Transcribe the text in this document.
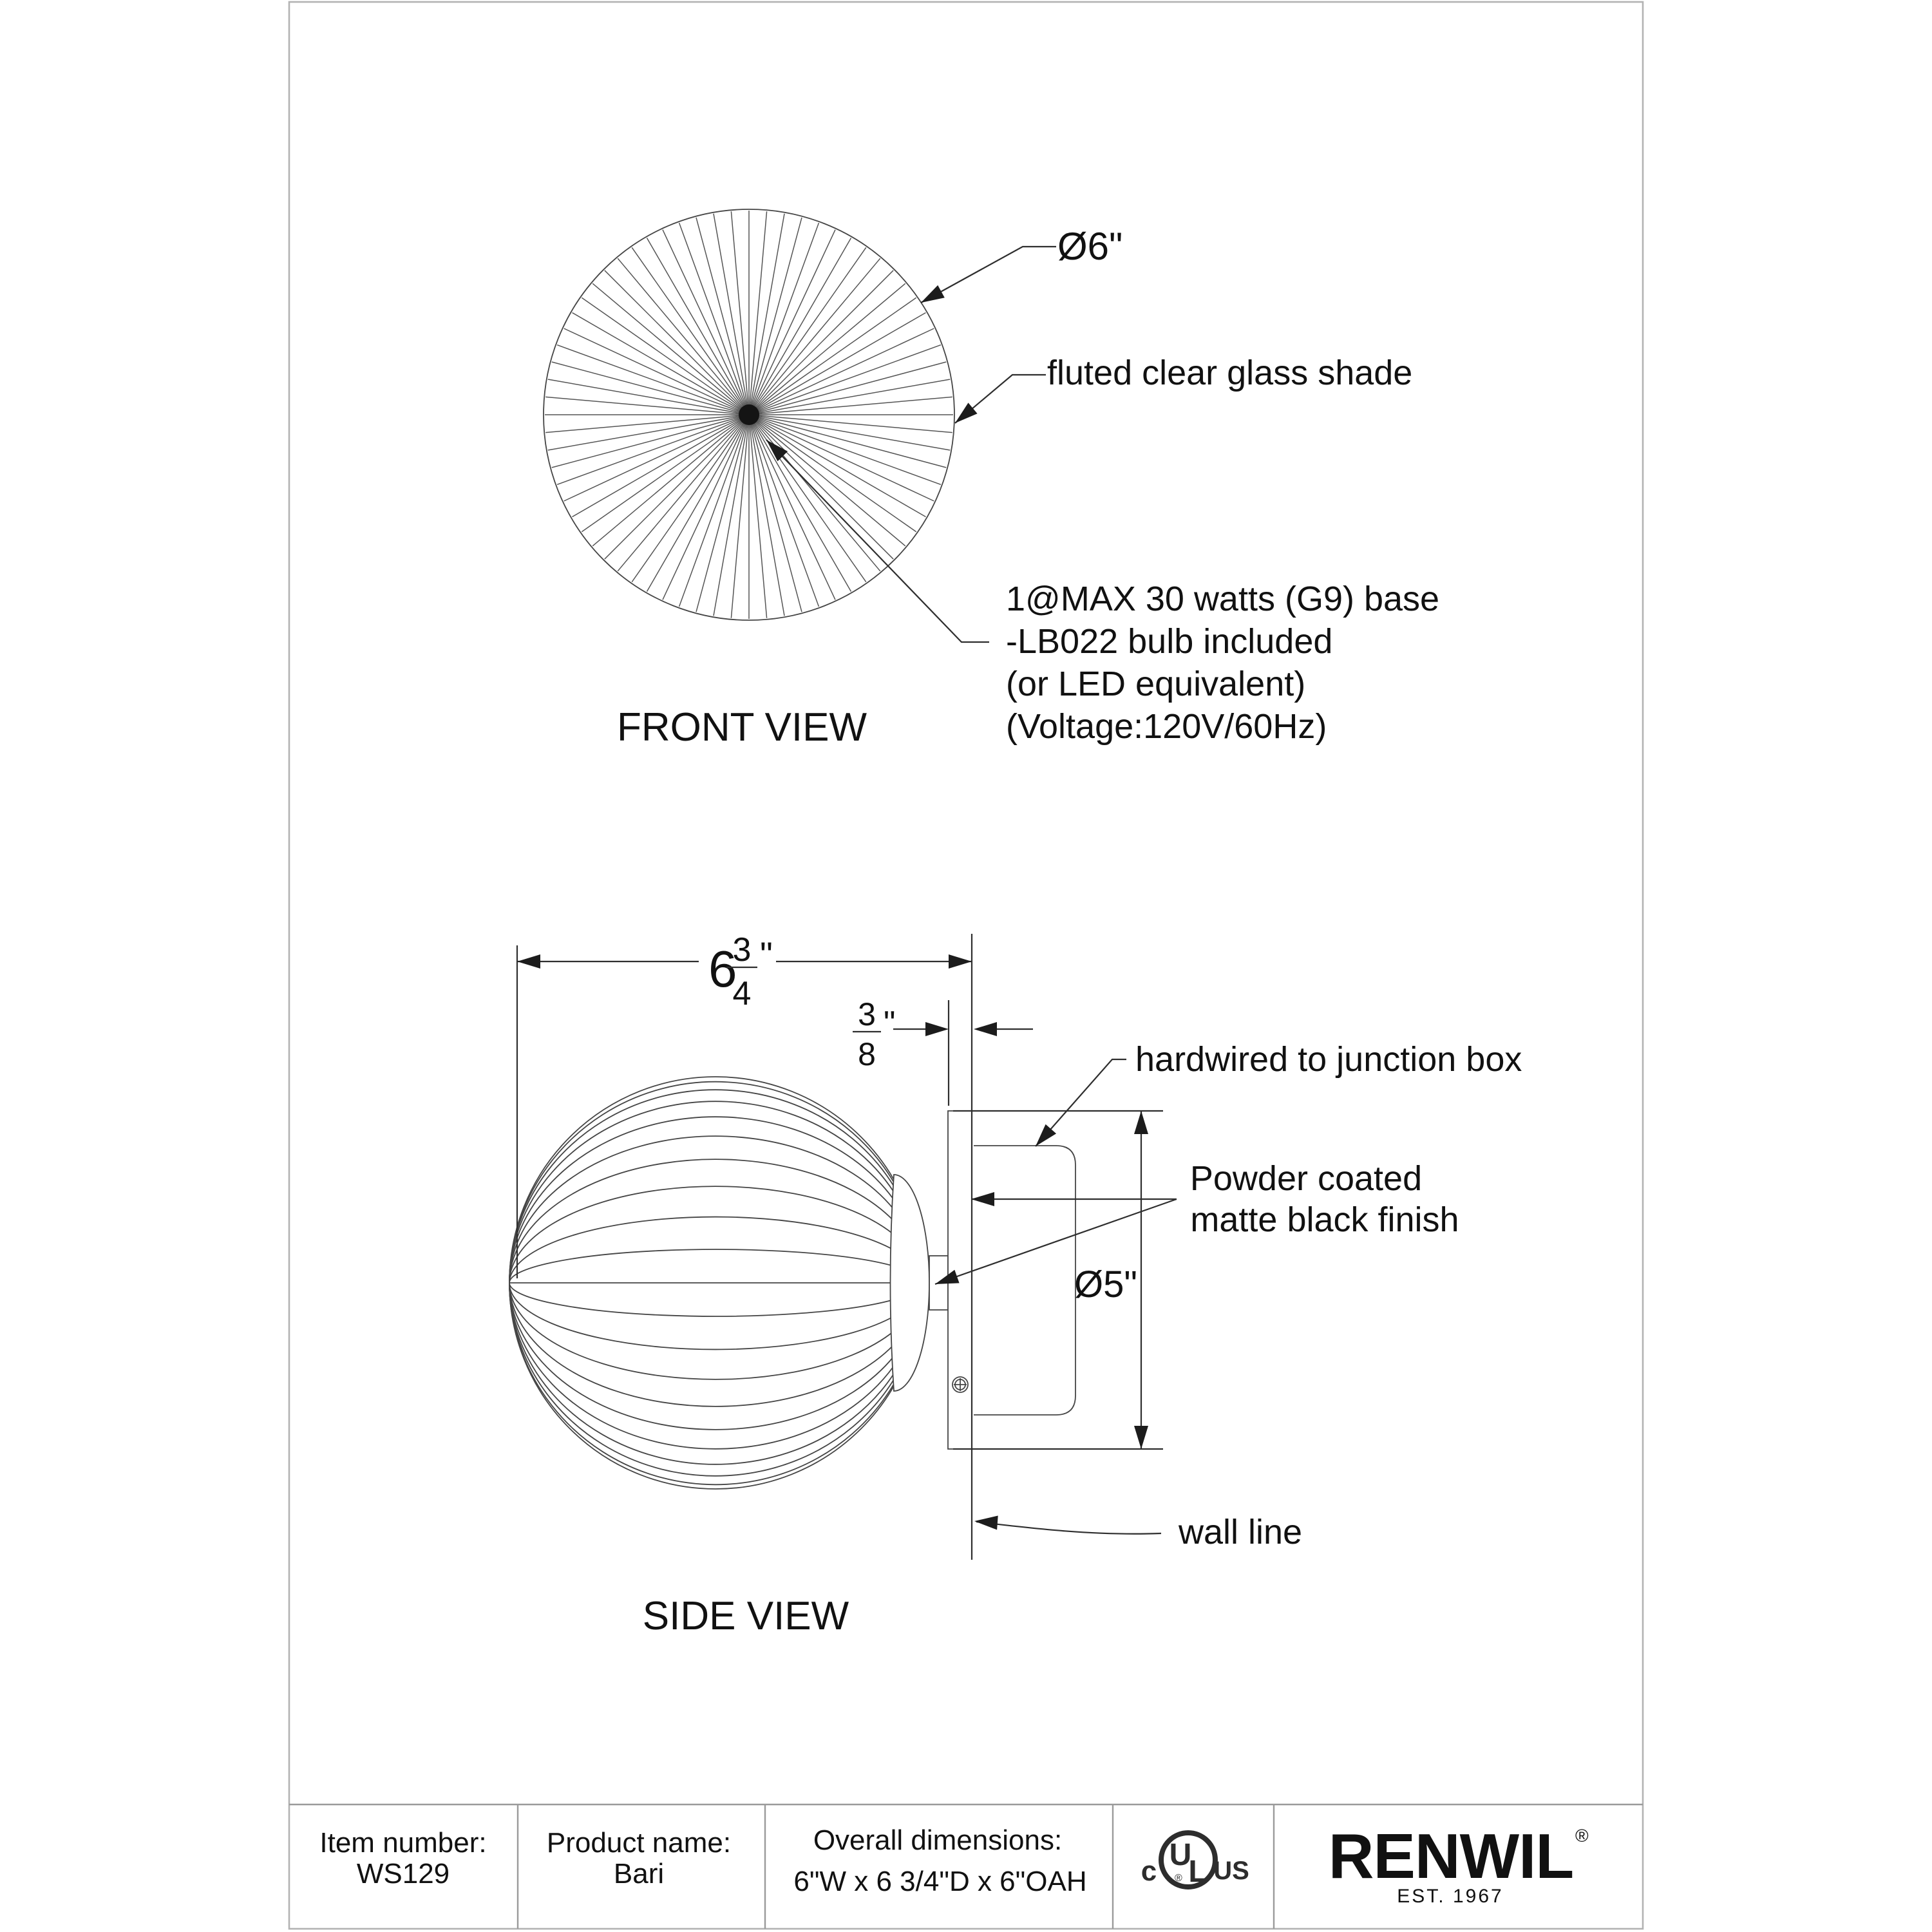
Ø6"
fluted clear glass shade
1@MAX 30 watts (G9) base
-LB022 bulb included
(or LED equivalent)
(Voltage:120V/60Hz)
FRONT VIEW
6
3
4
"
3
8
"
Ø5"
hardwired to junction box
Powder coated
matte black finish
wall line
SIDE VIEW
Item number:
WS129
Product name:
Bari
Overall dimensions:
6"W x 6 3/4"D x 6"OAH
U
L
®
c US RENWIL ®
EST. 1967
